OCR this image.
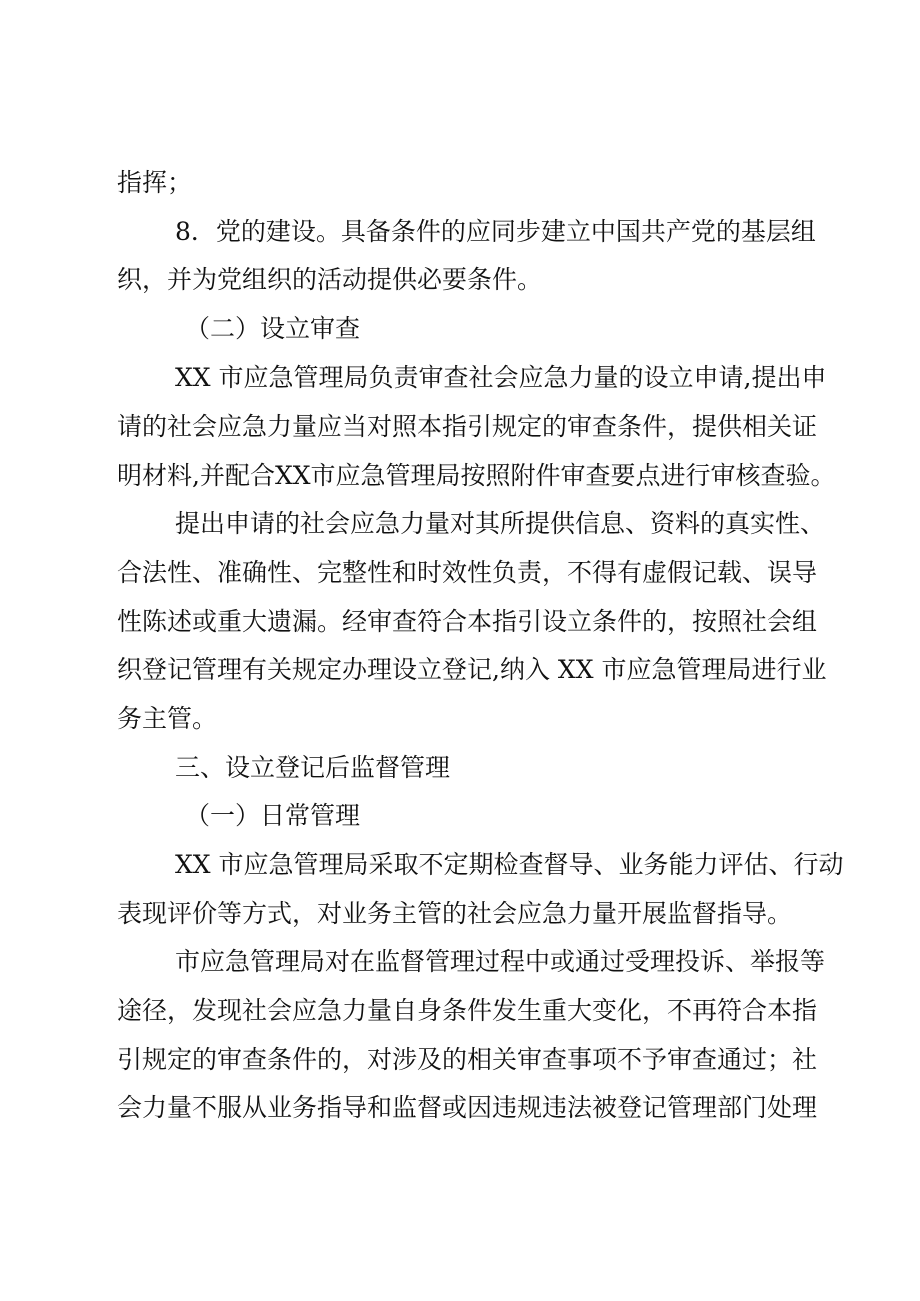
指挥；
8．党的建设。具备条件的应同步建立中国共产党的基层组
织，并为党组织的活动提供必要条件。
（二）设立审查
XX 市应急管理局负责审查社会应急力量的设立申请,提出申
请的社会应急力量应当对照本指引规定的审查条件，提供相关证
明材料,并配合XX市应急管理局按照附件审查要点进行审核查验。
提出申请的社会应急力量对其所提供信息、资料的真实性、
合法性、准确性、完整性和时效性负责，不得有虚假记载、误导
性陈述或重大遗漏。经审查符合本指引设立条件的，按照社会组
织登记管理有关规定办理设立登记,纳入 XX 市应急管理局进行业
务主管。
三、设立登记后监督管理
（一）日常管理
XX 市应急管理局采取不定期检查督导、业务能力评估、行动
表现评价等方式，对业务主管的社会应急力量开展监督指导。
市应急管理局对在监督管理过程中或通过受理投诉、举报等
途径，发现社会应急力量自身条件发生重大变化，不再符合本指
引规定的审查条件的，对涉及的相关审查事项不予审查通过；社
会力量不服从业务指导和监督或因违规违法被登记管理部门处理
